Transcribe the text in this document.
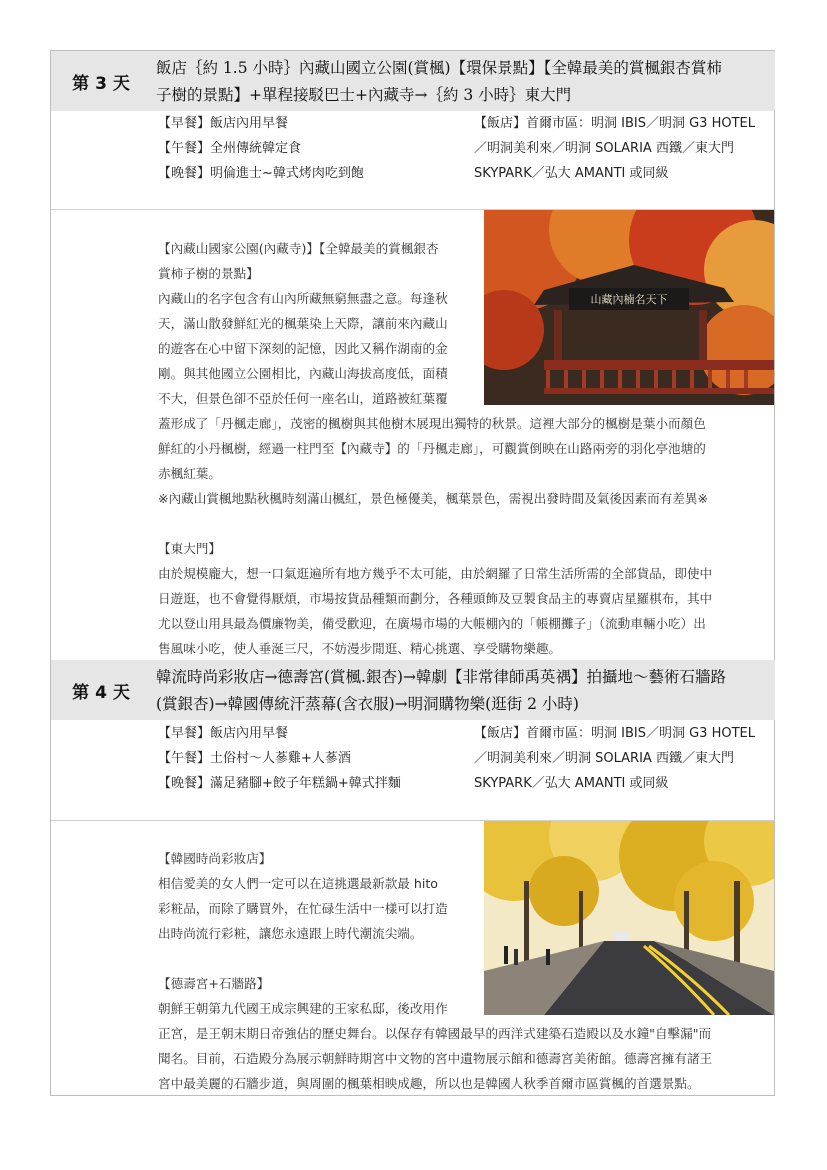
第 3 天
飯店｛約 1.5 小時｝內藏山國立公園(賞楓)【環保景點】【全韓最美的賞楓銀杏賞柿
子樹的景點】+單程接駁巴士+內藏寺→｛約 3 小時｝東大門
【早餐】飯店內用早餐
【午餐】全州傳統韓定食
【晚餐】明倫進士~韓式烤肉吃到飽
【飯店】首爾市區：明洞 IBIS／明洞 G3 HOTEL
／明洞美利來／明洞 SOLARIA 西鐵／東大門
SKYPARK／弘大 AMANTI 或同級
山藏內楠名天下
【內藏山國家公園(內藏寺)】【全韓最美的賞楓銀杏
賞柿子樹的景點】
內藏山的名字包含有山內所藏無窮無盡之意。每逢秋
天，滿山散發鮮紅光的楓葉染上天際，讓前來內藏山
的遊客在心中留下深刻的記憶，因此又稱作湖南的金
剛。與其他國立公園相比，內藏山海拔高度低，面積
不大，但景色卻不亞於任何一座名山，道路被紅葉覆
蓋形成了「丹楓走廊」，茂密的楓樹與其他樹木展現出獨特的秋景。這裡大部分的楓樹是葉小而顏色
鮮紅的小丹楓樹，經過一柱門至【內藏寺】的「丹楓走廊」，可觀賞倒映在山路兩旁的羽化亭池塘的
赤楓紅葉。
※內藏山賞楓地點秋楓時刻滿山楓紅，景色極優美，楓葉景色，需視出發時間及氣後因素而有差異※
【東大門】
由於規模龐大，想一口氣逛遍所有地方幾乎不太可能，由於網羅了日常生活所需的全部貨品，即使中
日遊逛，也不會覺得厭煩，市場按貨品種類而劃分，各種頭飾及豆製食品主的專賣店星羅棋布，其中
尤以登山用具最為價廉物美，備受歡迎，在廣場市場的大帳棚內的「帳棚攤子」（流動車輛小吃）出
售風味小吃，使人垂涎三尺，不妨漫步閒逛、精心挑選、享受購物樂趣。
第 4 天
韓流時尚彩妝店→德壽宮(賞楓.銀杏)→韓劇【非常律師禹英禑】拍攝地～藝術石牆路
(賞銀杏)→韓國傳統汗蒸幕(含衣服)→明洞購物樂(逛街 2 小時)
【早餐】飯店內用早餐
【午餐】土俗村～人蔘雞+人蔘酒
【晚餐】滿足豬腳+餃子年糕鍋+韓式拌麵
【飯店】首爾市區：明洞 IBIS／明洞 G3 HOTEL
／明洞美利來／明洞 SOLARIA 西鐵／東大門
SKYPARK／弘大 AMANTI 或同級
【韓國時尚彩妝店】
相信愛美的女人們一定可以在這挑選最新款最 hito
彩粧品，而除了購買外，在忙碌生活中一樣可以打造
出時尚流行彩粧，讓您永遠跟上時代潮流尖端。
【德壽宮+石牆路】
朝鮮王朝第九代國王成宗興建的王家私邸，後改用作
正宮，是王朝末期日帝強佔的歷史舞台。以保存有韓國最早的西洋式建築石造殿以及水鐘"自擊漏"而
聞名。目前，石造殿分為展示朝鮮時期宮中文物的宮中遺物展示館和德壽宮美術館。德壽宮擁有諸王
宮中最美麗的石牆步道，與周圍的楓葉相映成趣，所以也是韓國人秋季首爾市區賞楓的首選景點。
